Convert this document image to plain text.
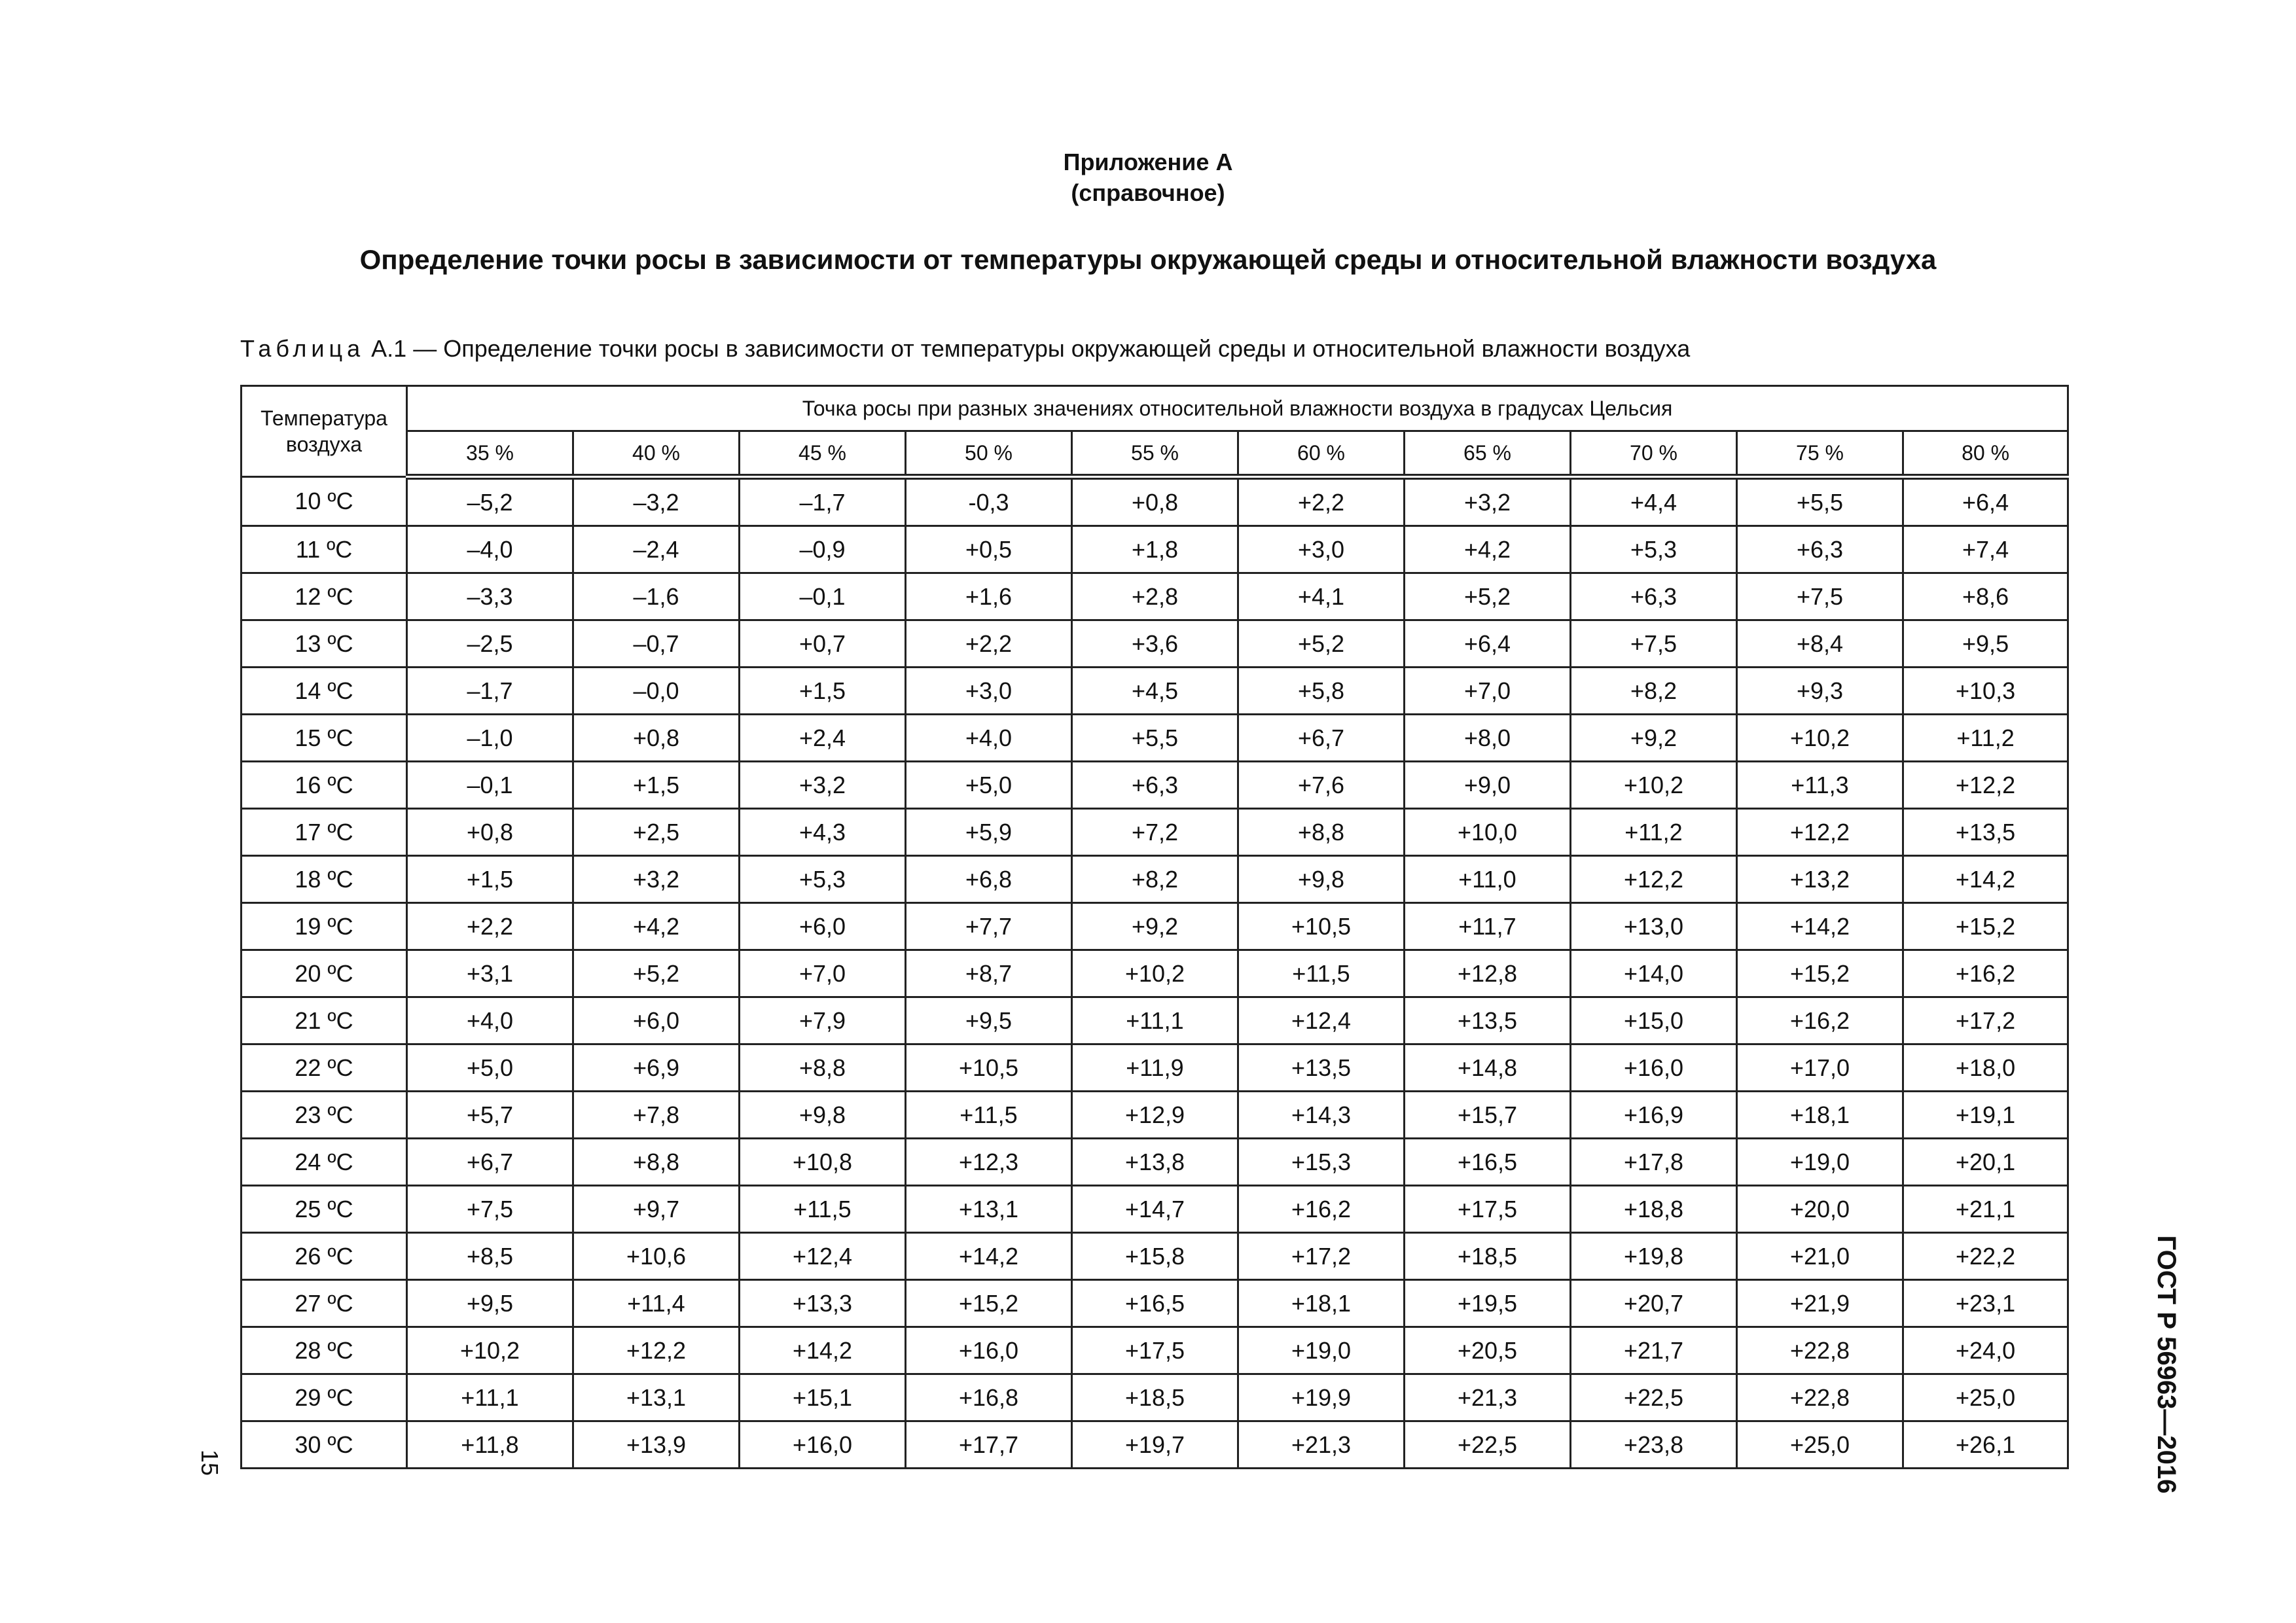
Приложение А
(справочное)
Определение точки росы в зависимости от температуры окружающей среды и относительной влажности воздуха
Таблица А.1 — Определение точки росы в зависимости от температуры окружающей среды и относительной влажности воздуха
Температура воздуха	Точка росы при разных значениях относительной влажности воздуха в градусах Цельсия									
	35 %	40 %	45 %	50 %	55 %	60 %	65 %	70 %	75 %	80 %
10 ºС	–5,2	–3,2	–1,7	-0,3	+0,8	+2,2	+3,2	+4,4	+5,5	+6,4
11 ºС	–4,0	–2,4	–0,9	+0,5	+1,8	+3,0	+4,2	+5,3	+6,3	+7,4
12 ºС	–3,3	–1,6	–0,1	+1,6	+2,8	+4,1	+5,2	+6,3	+7,5	+8,6
13 ºС	–2,5	–0,7	+0,7	+2,2	+3,6	+5,2	+6,4	+7,5	+8,4	+9,5
14 ºС	–1,7	–0,0	+1,5	+3,0	+4,5	+5,8	+7,0	+8,2	+9,3	+10,3
15 ºС	–1,0	+0,8	+2,4	+4,0	+5,5	+6,7	+8,0	+9,2	+10,2	+11,2
16 ºС	–0,1	+1,5	+3,2	+5,0	+6,3	+7,6	+9,0	+10,2	+11,3	+12,2
17 ºС	+0,8	+2,5	+4,3	+5,9	+7,2	+8,8	+10,0	+11,2	+12,2	+13,5
18 ºС	+1,5	+3,2	+5,3	+6,8	+8,2	+9,8	+11,0	+12,2	+13,2	+14,2
19 ºС	+2,2	+4,2	+6,0	+7,7	+9,2	+10,5	+11,7	+13,0	+14,2	+15,2
20 ºС	+3,1	+5,2	+7,0	+8,7	+10,2	+11,5	+12,8	+14,0	+15,2	+16,2
21 ºС	+4,0	+6,0	+7,9	+9,5	+11,1	+12,4	+13,5	+15,0	+16,2	+17,2
22 ºС	+5,0	+6,9	+8,8	+10,5	+11,9	+13,5	+14,8	+16,0	+17,0	+18,0
23 ºС	+5,7	+7,8	+9,8	+11,5	+12,9	+14,3	+15,7	+16,9	+18,1	+19,1
24 ºС	+6,7	+8,8	+10,8	+12,3	+13,8	+15,3	+16,5	+17,8	+19,0	+20,1
25 ºС	+7,5	+9,7	+11,5	+13,1	+14,7	+16,2	+17,5	+18,8	+20,0	+21,1
26 ºС	+8,5	+10,6	+12,4	+14,2	+15,8	+17,2	+18,5	+19,8	+21,0	+22,2
27 ºС	+9,5	+11,4	+13,3	+15,2	+16,5	+18,1	+19,5	+20,7	+21,9	+23,1
28 ºС	+10,2	+12,2	+14,2	+16,0	+17,5	+19,0	+20,5	+21,7	+22,8	+24,0
29 ºС	+11,1	+13,1	+15,1	+16,8	+18,5	+19,9	+21,3	+22,5	+22,8	+25,0
30 ºС	+11,8	+13,9	+16,0	+17,7	+19,7	+21,3	+22,5	+23,8	+25,0	+26,1	ГОСТ Р 56963—2016
15
